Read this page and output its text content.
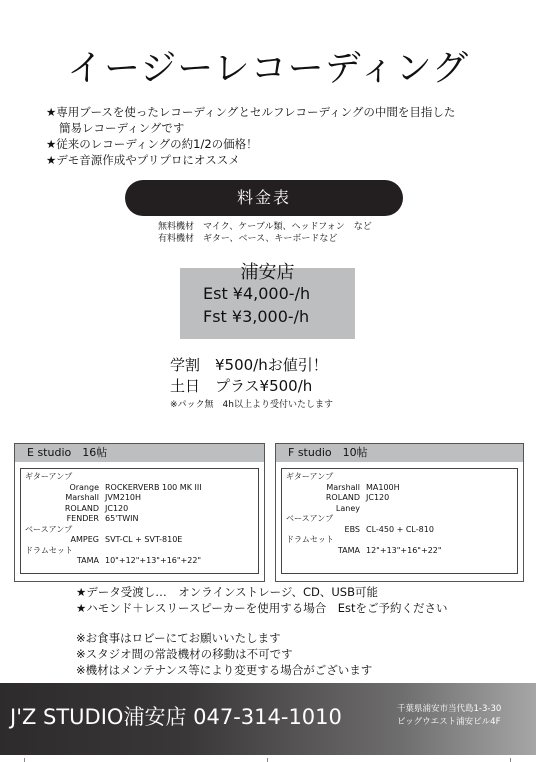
イージーレコーディング
★専用ブースを使ったレコーディングとセルフレコーディングの中間を目指した
簡易レコーディングです
★従来のレコーディングの約1/2の価格！
★デモ音源作成やプリプロにオススメ
料金表
無料機材　マイク、ケーブル類、ヘッドフォン　など
有料機材　ギター、ベース、キーボードなど
浦安店
Est ¥4,000-/h
Fst ¥3,000-/h
学割　¥500/hお値引！
土日　プラス¥500/h
※パック無　4h以上より受付いたします
E studio　16帖
ギターアンプ
Orange ROCKERVERB 100 MK III
Marshall JVM210H
ROLAND JC120
FENDER 65'TWIN
ベースアンプ
AMPEG SVT-CL + SVT-810E
ドラムセット
TAMA 10"+12"+13"+16"+22"
F studio　10帖
ギターアンプ
Marshall MA100H
ROLAND JC120
Laney
ベースアンプ
EBS CL-450 + CL-810
ドラムセット
TAMA 12"+13"+16"+22"
★データ受渡し…　オンラインストレージ、CD、USB可能
★ハモンド＋レスリースピーカーを使用する場合　Estをご予約ください
※お食事はロビーにてお願いいたします
※スタジオ間の常設機材の移動は不可です
※機材はメンテナンス等により変更する場合がございます
J'Z STUDIO浦安店 047-314-1010	千葉県浦安市当代島1-3-30
ビッグウエスト浦安ビル4F
